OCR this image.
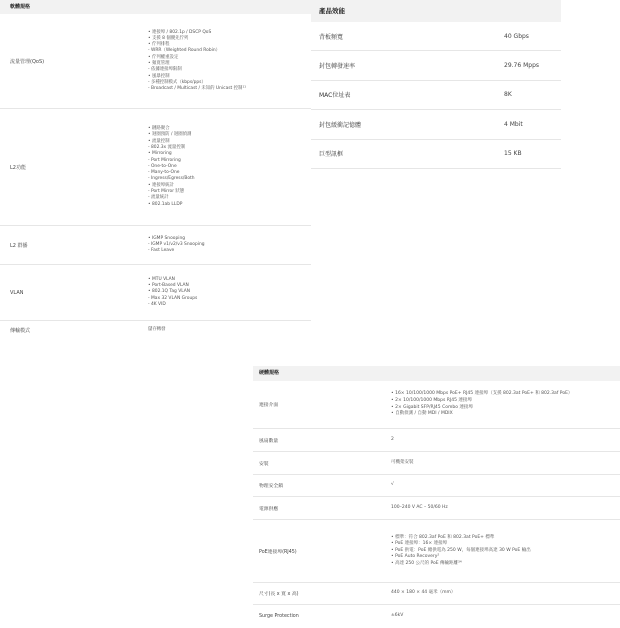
軟體規格
流量管理(QoS)
• 連接埠 / 802.1p / DSCP QoS
• 支援 8 個優先佇列
• 佇列排程
- WRR（Weighted Round Robin）
• 佇列權重設定
• 頻寬管理
- 依據連接埠限制
• 風暴控制
- 多種控制模式（kbps/pps）
- Broadcast / Multicast / 未知的 Unicast 控制¹¹
L2功能
• 鏈路聚合
• 迴圈預防 / 迴圈偵測
• 流量控制
- 802.3x 流量控制
• Mirroring
- Port Mirroring
- One-to-One
- Many-to-One
- Ingress/Egress/Both
• 連接埠統計
- Port Mirror 狀態
- 流量統計
• 802.1ab LLDP
L2 群播
• IGMP Snooping
- IGMP v1/v2/v3 Snooping
- Fast Leave
VLAN
• MTU VLAN
• Port-Based VLAN
• 802.1Q Tag VLAN
- Max 32 VLAN Groups
- 4K VID
傳輸模式	儲存轉發
產品效能
背板頻寬	40 Gbps
封包轉發速率	29.76 Mpps
MAC位址表	8K
封包緩衝記憶體	4 Mbit
巨型訊框	15 KB
硬體規格
連接介面
• 16× 10/100/1000 Mbps PoE+ RJ45 連接埠（支援 802.3at PoE+ 和 802.3af PoE）
• 2× 10/100/1000 Mbps RJ45 連接埠
• 2× Gigabit SFP/RJ45 Combo 連接埠
• 自動偵測 / 自動 MDI / MDIX
風扇數量	2
安裝	可機架安裝
物理安全鎖	√
電源供應	100–240 V AC – 50/60 Hz
PoE連接埠(RJ45)
• 標準：符合 802.3af PoE 和 802.3at PoE+ 標準
• PoE 連接埠：16× 連接埠
• PoE 供電：PoE 總供電為 250 W，每個連接埠高達 30 W PoE 輸出
• PoE Auto Recovery²
• 高達 250 公尺的 PoE 傳輸距離³⁴
尺寸(長 x 寬 x 高)	440 × 180 × 44 毫米（mm）
Surge Protection	±6kV
